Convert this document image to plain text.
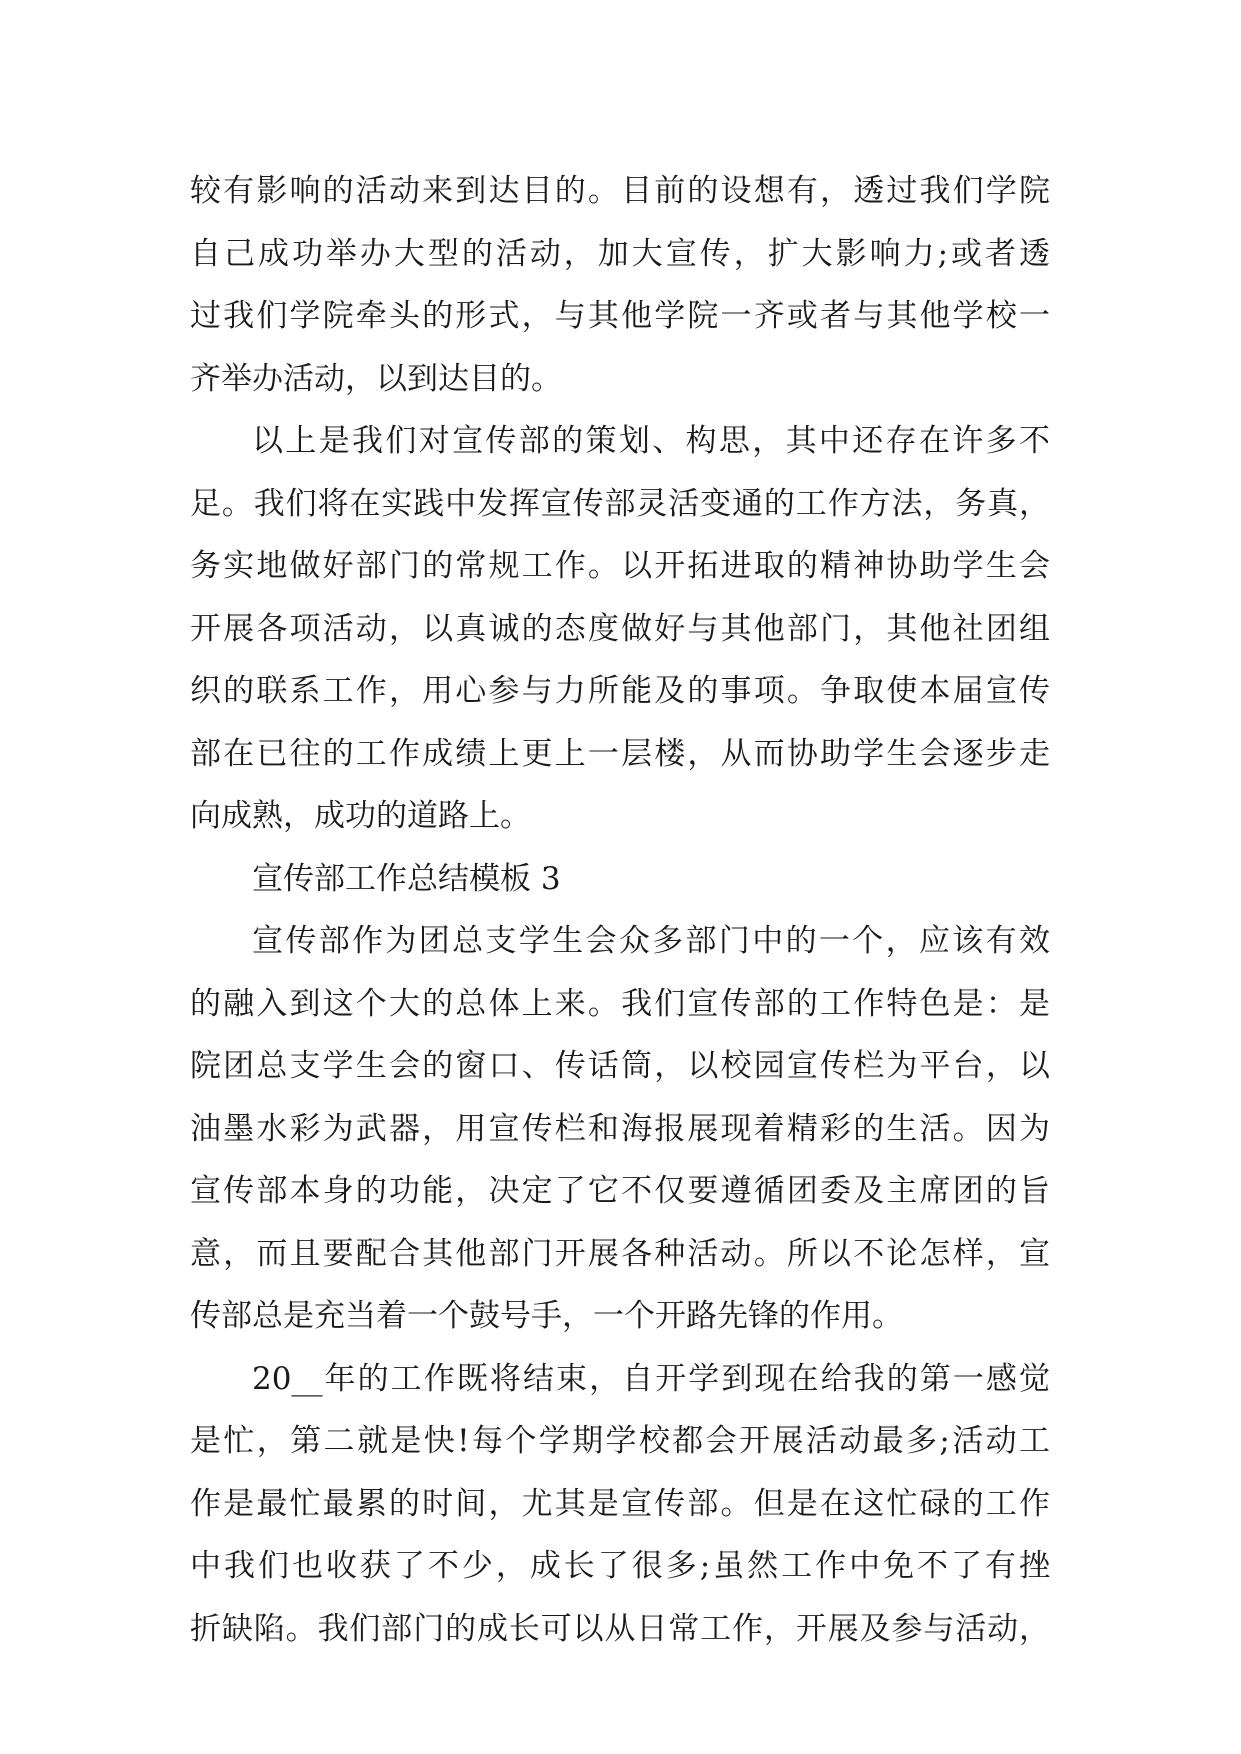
较有影响的活动来到达目的。目前的设想有，透过我们学院
自己成功举办大型的活动，加大宣传，扩大影响力;或者透
过我们学院牵头的形式，与其他学院一齐或者与其他学校一
齐举办活动，以到达目的。
以上是我们对宣传部的策划、构思，其中还存在许多不
足。我们将在实践中发挥宣传部灵活变通的工作方法，务真，
务实地做好部门的常规工作。以开拓进取的精神协助学生会
开展各项活动，以真诚的态度做好与其他部门，其他社团组
织的联系工作，用心参与力所能及的事项。争取使本届宣传
部在已往的工作成绩上更上一层楼，从而协助学生会逐步走
向成熟，成功的道路上。
宣传部工作总结模板 3
宣传部作为团总支学生会众多部门中的一个，应该有效
的融入到这个大的总体上来。我们宣传部的工作特色是：是
院团总支学生会的窗口、传话筒，以校园宣传栏为平台，以
油墨水彩为武器，用宣传栏和海报展现着精彩的生活。因为
宣传部本身的功能，决定了它不仅要遵循团委及主席团的旨
意，而且要配合其他部门开展各种活动。所以不论怎样，宣
传部总是充当着一个鼓号手，一个开路先锋的作用。
20__年的工作既将结束，自开学到现在给我的第一感觉
是忙，第二就是快!每个学期学校都会开展活动最多;活动工
作是最忙最累的时间，尤其是宣传部。但是在这忙碌的工作
中我们也收获了不少，成长了很多;虽然工作中免不了有挫
折缺陷。我们部门的成长可以从日常工作，开展及参与活动，
